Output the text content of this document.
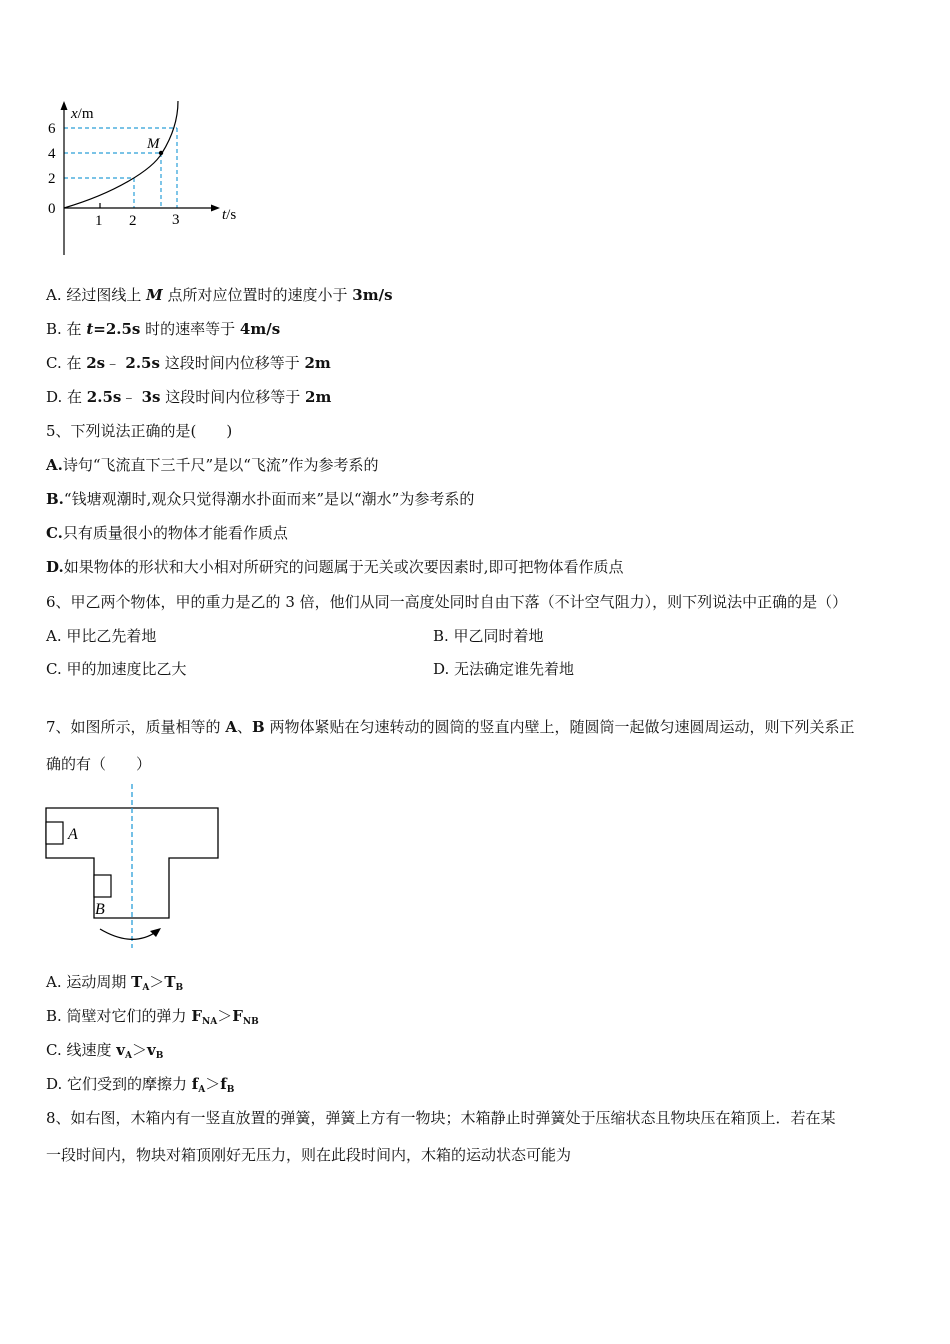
x/m
t/s
M
0
2
4
6
1 2 3
A. 经过图线上 M 点所对应位置时的速度小于 3m/s
B. 在 t=2.5s 时的速率等于 4m/s
C. 在 2s﹣ 2.5s 这段时间内位移等于 2m
D. 在 2.5s﹣ 3s 这段时间内位移等于 2m
5、下列说法正确的是(　　)
A.诗句“飞流直下三千尺”是以“飞流”作为参考系的
B.“钱塘观潮时,观众只觉得潮水扑面而来”是以“潮水”为参考系的
C.只有质量很小的物体才能看作质点
D.如果物体的形状和大小相对所研究的问题属于无关或次要因素时,即可把物体看作质点
6、甲乙两个物体，甲的重力是乙的 3 倍，他们从同一高度处同时自由下落（不计空气阻力），则下列说法中正确的是（）
A. 甲比乙先着地	B. 甲乙同时着地
C. 甲的加速度比乙大	D. 无法确定谁先着地
7、如图所示，质量相等的 A、B 两物体紧贴在匀速转动的圆筒的竖直内壁上，随圆筒一起做匀速圆周运动，则下列关系正
确的有（　　）
A
B
A. 运动周期 $T_A>T_B$
B. 筒壁对它们的弹力 $F_{NA}>F_{NB}$
C. 线速度 $v_A>v_B$
D. 它们受到的摩擦力 $f_A>f_B$
8、如右图，木箱内有一竖直放置的弹簧，弹簧上方有一物块；木箱静止时弹簧处于压缩状态且物块压在箱顶上．若在某
一段时间内，物块对箱顶刚好无压力，则在此段时间内，木箱的运动状态可能为
